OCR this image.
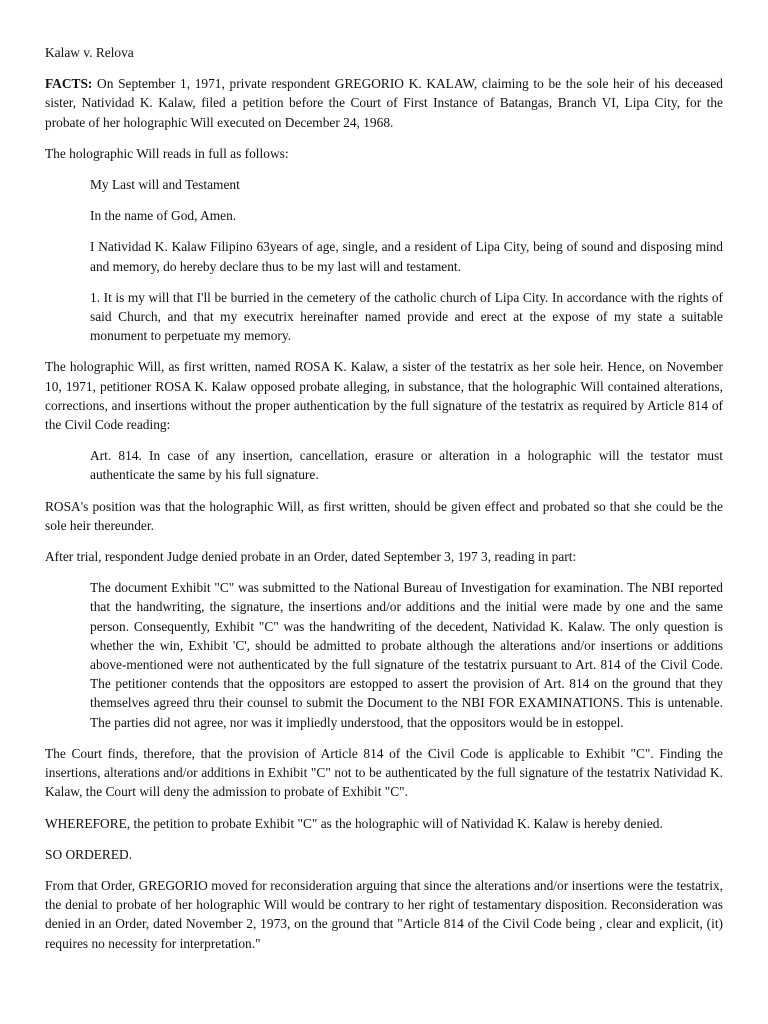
Kalaw v. Relova

FACTS: On September 1, 1971, private respondent GREGORIO K. KALAW, claiming to be the sole heir of his deceased sister, Natividad K. Kalaw, filed a petition before the Court of First Instance of Batangas, Branch VI, Lipa City, for the probate of her holographic Will executed on December 24, 1968.

The holographic Will reads in full as follows:

My Last will and Testament

In the name of God, Amen.

I Natividad K. Kalaw Filipino 63years of age, single, and a resident of Lipa City, being of sound and disposing mind and memory, do hereby declare thus to be my last will and testament.

1. It is my will that I'll be burried in the cemetery of the catholic church of Lipa City. In accordance with the rights of said Church, and that my executrix hereinafter named provide and erect at the expose of my state a suitable monument to perpetuate my memory.

The holographic Will, as first written, named ROSA K. Kalaw, a sister of the testatrix as her sole heir. Hence, on November 10, 1971, petitioner ROSA K. Kalaw opposed probate alleging, in substance, that the holographic Will contained alterations, corrections, and insertions without the proper authentication by the full signature of the testatrix as required by Article 814 of the Civil Code reading:

Art. 814. In case of any insertion, cancellation, erasure or alteration in a holographic will the testator must authenticate the same by his full signature.

ROSA's position was that the holographic Will, as first written, should be given effect and probated so that she could be the sole heir thereunder.

After trial, respondent Judge denied probate in an Order, dated September 3, 197 3, reading in part:

The document Exhibit "C" was submitted to the National Bureau of Investigation for examination. The NBI reported that the handwriting, the signature, the insertions and/or additions and the initial were made by one and the same person. Consequently, Exhibit "C" was the handwriting of the decedent, Natividad K. Kalaw. The only question is whether the win, Exhibit 'C', should be admitted to probate although the alterations and/or insertions or additions above-mentioned were not authenticated by the full signature of the testatrix pursuant to Art. 814 of the Civil Code. The petitioner contends that the oppositors are estopped to assert the provision of Art. 814 on the ground that they themselves agreed thru their counsel to submit the Document to the NBI FOR EXAMINATIONS. This is untenable. The parties did not agree, nor was it impliedly understood, that the oppositors would be in estoppel.

The Court finds, therefore, that the provision of Article 814 of the Civil Code is applicable to Exhibit "C". Finding the insertions, alterations and/or additions in Exhibit "C" not to be authenticated by the full signature of the testatrix Natividad K. Kalaw, the Court will deny the admission to probate of Exhibit "C".

WHEREFORE, the petition to probate Exhibit "C" as the holographic will of Natividad K. Kalaw is hereby denied.

SO ORDERED.

From that Order, GREGORIO moved for reconsideration arguing that since the alterations and/or insertions were the testatrix, the denial to probate of her holographic Will would be contrary to her right of testamentary disposition. Reconsideration was denied in an Order, dated November 2, 1973, on the ground that "Article 814 of the Civil Code being , clear and explicit, (it) requires no necessity for interpretation."
